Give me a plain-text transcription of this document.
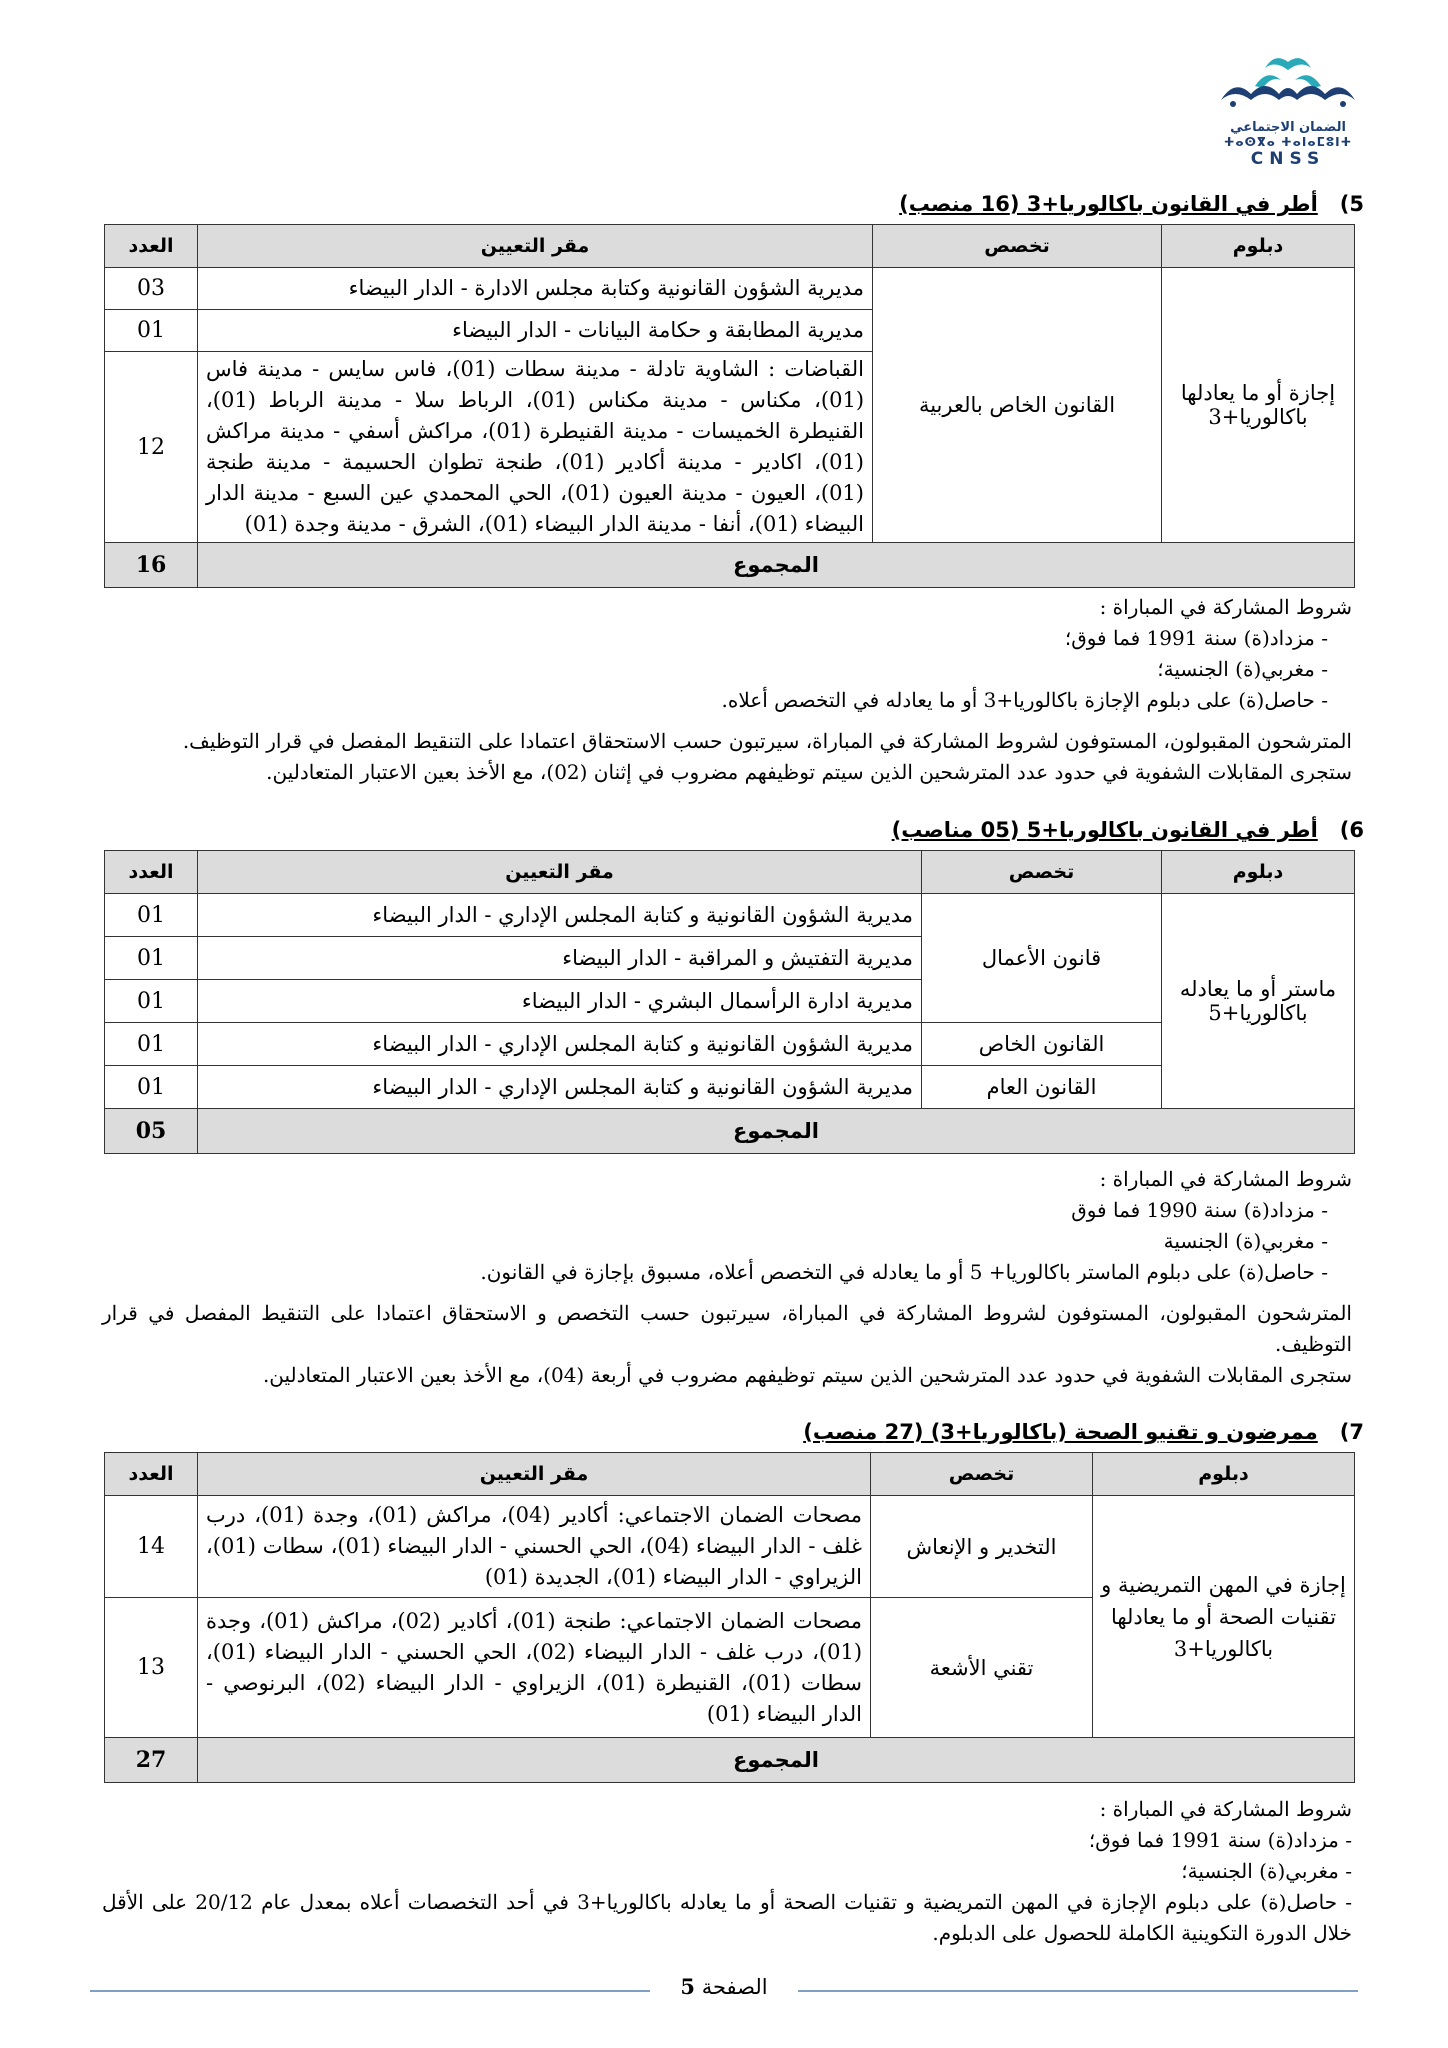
الضمان الاجتماعي
ⵜⴰⵙⴳⴰ ⵜⴰⵏⴰⵎⵓⵏⵜ
CNSS
5)أطر في القانون باكالوريا+3 (16 منصب)
دبلوم	تخصص	مقر التعيين	العدد
إجازة أو ما يعادلها باكالوريا+3	القانون الخاص بالعربية	مديرية الشؤون القانونية وكتابة مجلس الادارة - الدار البيضاء	03
		مديرية المطابقة و حكامة البيانات - الدار البيضاء	01
		القباضات : الشاوية تادلة - مدينة سطات (01)، فاس سايس - مدينة فاس (01)، مكناس - مدينة مكناس (01)، الرباط سلا - مدينة الرباط (01)، القنيطرة الخميسات - مدينة القنيطرة (01)، مراكش أسفي - مدينة مراكش (01)، اكادير - مدينة أكادير (01)، طنجة تطوان الحسيمة - مدينة طنجة (01)، العيون - مدينة العيون (01)، الحي المحمدي عين السبع - مدينة الدار البيضاء (01)، أنفا - مدينة الدار البيضاء (01)، الشرق - مدينة وجدة (01)	12
المجموع			16

شروط المشاركة في المباراة :

- مزداد(ة) سنة 1991 فما فوق؛

- مغربي(ة) الجنسية؛

- حاصل(ة) على دبلوم الإجازة باكالوريا+3 أو ما يعادله في التخصص أعلاه.

المترشحون المقبولون، المستوفون لشروط المشاركة في المباراة، سيرتبون حسب الاستحقاق اعتمادا على التنقيط المفصل في قرار التوظيف.

ستجرى المقابلات الشفوية في حدود عدد المترشحين الذين سيتم توظيفهم مضروب في إثنان (02)، مع الأخذ بعين الاعتبار المتعادلين.

6)أطر في القانون باكالوريا+5 (05 مناصب)
دبلوم	تخصص	مقر التعيين	العدد
ماستر أو ما يعادله باكالوريا+5	قانون الأعمال	مديرية الشؤون القانونية و كتابة المجلس الإداري - الدار البيضاء	01
		مديرية التفتيش و المراقبة - الدار البيضاء	01
		مديرية ادارة الرأسمال البشري - الدار البيضاء	01
	القانون الخاص	مديرية الشؤون القانونية و كتابة المجلس الإداري - الدار البيضاء	01
	القانون العام	مديرية الشؤون القانونية و كتابة المجلس الإداري - الدار البيضاء	01
المجموع			05

شروط المشاركة في المباراة :

- مزداد(ة) سنة 1990 فما فوق

- مغربي(ة) الجنسية

- حاصل(ة) على دبلوم الماستر باكالوريا+ 5 أو ما يعادله في التخصص أعلاه، مسبوق بإجازة في القانون.

المترشحون المقبولون، المستوفون لشروط المشاركة في المباراة، سيرتبون حسب التخصص و الاستحقاق اعتمادا على التنقيط المفصل في قرار التوظيف.

ستجرى المقابلات الشفوية في حدود عدد المترشحين الذين سيتم توظيفهم مضروب في أربعة (04)، مع الأخذ بعين الاعتبار المتعادلين.

7)ممرضون و تقنيو الصحة (باكالوريا+3) (27 منصب)
دبلوم	تخصص	مقر التعيين	العدد
إجازة في المهن التمريضية و تقنيات الصحة أو ما يعادلها باكالوريا+3	التخدير و الإنعاش	مصحات الضمان الاجتماعي: أكادير (04)، مراكش (01)، وجدة (01)، درب غلف - الدار البيضاء (04)، الحي الحسني - الدار البيضاء (01)، سطات (01)، الزيراوي - الدار البيضاء (01)، الجديدة (01)	14
	تقني الأشعة	مصحات الضمان الاجتماعي: طنجة (01)، أكادير (02)، مراكش (01)، وجدة (01)، درب غلف - الدار البيضاء (02)، الحي الحسني - الدار البيضاء (01)، سطات (01)، القنيطرة (01)، الزيراوي - الدار البيضاء (02)، البرنوصي - الدار البيضاء (01)	13
المجموع			27

شروط المشاركة في المباراة :

- مزداد(ة) سنة 1991 فما فوق؛

- مغربي(ة) الجنسية؛

- حاصل(ة) على دبلوم الإجازة في المهن التمريضية و تقنيات الصحة أو ما يعادله باكالوريا+3 في أحد التخصصات أعلاه بمعدل عام 20/12 على الأقل خلال الدورة التكوينية الكاملة للحصول على الدبلوم.

الصفحة 5
